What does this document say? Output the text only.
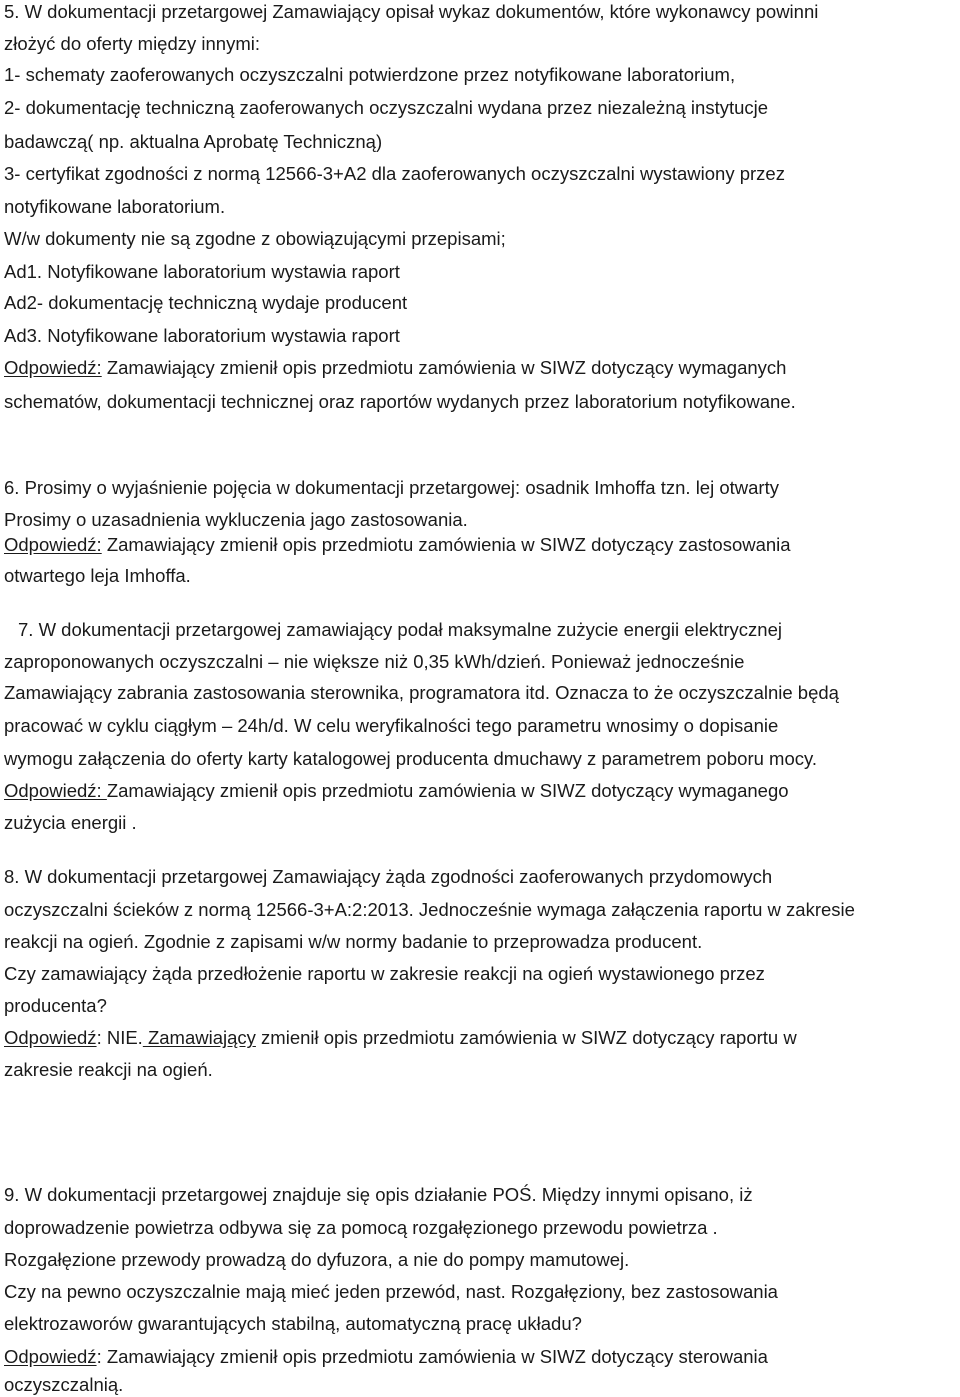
5. W dokumentacji przetargowej Zamawiający opisał wykaz dokumentów, które wykonawcy powinni
złożyć do oferty między innymi:
1- schematy zaoferowanych oczyszczalni potwierdzone przez notyfikowane laboratorium,
2- dokumentację techniczną zaoferowanych oczyszczalni wydana przez niezależną instytucje
badawczą( np. aktualna Aprobatę Techniczną)
3- certyfikat zgodności z normą 12566-3+A2 dla zaoferowanych oczyszczalni wystawiony przez
notyfikowane laboratorium.
W/w dokumenty nie są zgodne z obowiązującymi przepisami;
Ad1. Notyfikowane laboratorium wystawia raport
Ad2- dokumentację techniczną wydaje producent
Ad3. Notyfikowane laboratorium wystawia raport
Odpowiedź: Zamawiający zmienił opis przedmiotu zamówienia w SIWZ dotyczący wymaganych
schematów, dokumentacji technicznej oraz raportów wydanych przez laboratorium notyfikowane.
6. Prosimy o wyjaśnienie pojęcia w dokumentacji przetargowej: osadnik Imhoffa tzn. lej otwarty
Prosimy o uzasadnienia wykluczenia jago zastosowania.
Odpowiedź: Zamawiający zmienił opis przedmiotu zamówienia w SIWZ dotyczący zastosowania
otwartego leja Imhoffa.
7. W dokumentacji przetargowej zamawiający podał maksymalne zużycie energii elektrycznej
zaproponowanych oczyszczalni – nie większe niż 0,35 kWh/dzień. Ponieważ jednocześnie
Zamawiający zabrania zastosowania sterownika, programatora itd. Oznacza to że oczyszczalnie będą
pracować w cyklu ciągłym – 24h/d. W celu weryfikalności tego parametru wnosimy o dopisanie
wymogu załączenia do oferty karty katalogowej producenta dmuchawy z parametrem poboru mocy.
Odpowiedź: Zamawiający zmienił opis przedmiotu zamówienia w SIWZ dotyczący wymaganego
zużycia energii .
8. W dokumentacji przetargowej Zamawiający żąda zgodności zaoferowanych przydomowych
oczyszczalni ścieków z normą 12566-3+A:2:2013. Jednocześnie wymaga załączenia raportu w zakresie
reakcji na ogień. Zgodnie z zapisami w/w normy badanie to przeprowadza producent.
Czy zamawiający żąda przedłożenie raportu w zakresie reakcji na ogień wystawionego przez
producenta?
Odpowiedź: NIE. Zamawiający zmienił opis przedmiotu zamówienia w SIWZ dotyczący raportu w
zakresie reakcji na ogień.
9. W dokumentacji przetargowej znajduje się opis działanie POŚ. Między innymi opisano, iż
doprowadzenie powietrza odbywa się za pomocą rozgałęzionego przewodu powietrza .
Rozgałęzione przewody prowadzą do dyfuzora, a nie do pompy mamutowej.
Czy na pewno oczyszczalnie mają mieć jeden przewód, nast. Rozgałęziony, bez zastosowania
elektrozaworów gwarantujących stabilną, automatyczną pracę układu?
Odpowiedź: Zamawiający zmienił opis przedmiotu zamówienia w SIWZ dotyczący sterowania
oczyszczalnią.
